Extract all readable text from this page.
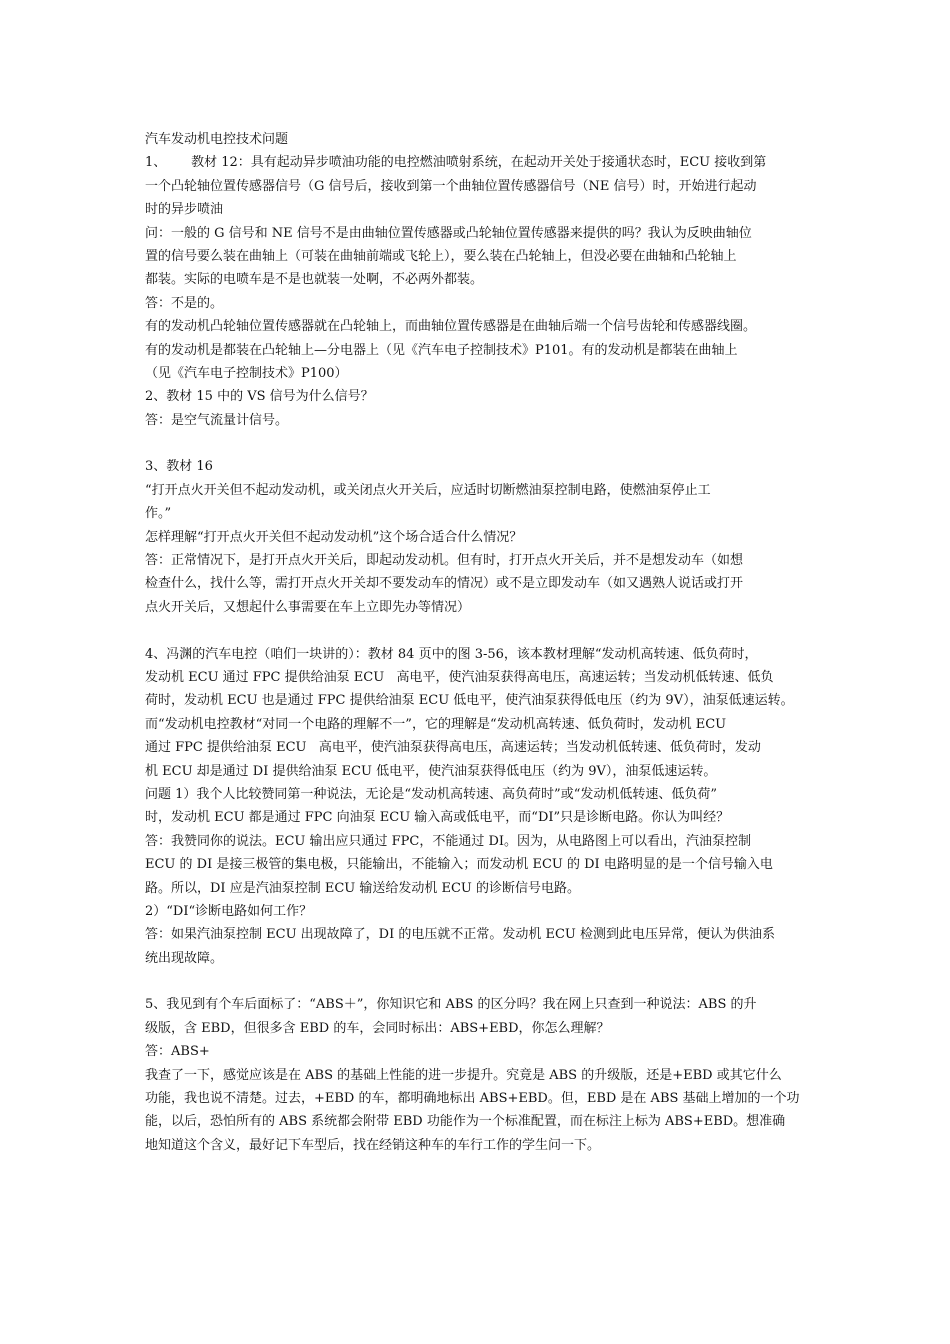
汽车发动机电控技术问题
1、      教材 12：具有起动异步喷油功能的电控燃油喷射系统，在起动开关处于接通状态时，ECU 接收到第
一个凸轮轴位置传感器信号（G 信号后，接收到第一个曲轴位置传感器信号（NE 信号）时，开始进行起动
时的异步喷油
问：一般的 G 信号和 NE 信号不是由曲轴位置传感器或凸轮轴位置传感器来提供的吗？我认为反映曲轴位
置的信号要么装在曲轴上（可装在曲轴前端或飞轮上），要么装在凸轮轴上，但没必要在曲轴和凸轮轴上
都装。实际的电喷车是不是也就装一处啊，不必两外都装。
答：不是的。
有的发动机凸轮轴位置传感器就在凸轮轴上，而曲轴位置传感器是在曲轴后端一个信号齿轮和传感器线圈。
有的发动机是都装在凸轮轴上—分电器上（见《汽车电子控制技术》P101。有的发动机是都装在曲轴上
（见《汽车电子控制技术》P100）
2、教材 15 中的 VS 信号为什么信号？
答：是空气流量计信号。
3、教材 16
“打开点火开关但不起动发动机，或关闭点火开关后，应适时切断燃油泵控制电路，使燃油泵停止工
作。”
怎样理解“打开点火开关但不起动发动机”这个场合适合什么情况？
答：正常情况下，是打开点火开关后，即起动发动机。但有时，打开点火开关后，并不是想发动车（如想
检查什么，找什么等，需打开点火开关却不要发动车的情况）或不是立即发动车（如又遇熟人说话或打开
点火开关后，又想起什么事需要在车上立即先办等情况）
4、冯渊的汽车电控（咱们一块讲的）：教材 84 页中的图 3-56，该本教材理解“发动机高转速、低负荷时，
发动机 ECU 通过 FPC 提供给油泵 ECU   高电平，使汽油泵获得高电压，高速运转；当发动机低转速、低负
荷时，发动机 ECU 也是通过 FPC 提供给油泵 ECU 低电平，使汽油泵获得低电压（约为 9V），油泵低速运转。
而“发动机电控教材“对同一个电路的理解不一”，它的理解是“发动机高转速、低负荷时，发动机 ECU
通过 FPC 提供给油泵 ECU   高电平，使汽油泵获得高电压，高速运转；当发动机低转速、低负荷时，发动
机 ECU 却是通过 DI 提供给油泵 ECU 低电平，使汽油泵获得低电压（约为 9V），油泵低速运转。
问题 1）我个人比较赞同第一种说法，无论是“发动机高转速、高负荷时”或“发动机低转速、低负荷”
时，发动机 ECU 都是通过 FPC 向油泵 ECU 输入高或低电平，而“DI”只是诊断电路。你认为叫经？
答：我赞同你的说法。ECU 输出应只通过 FPC，不能通过 DI。因为，从电路图上可以看出，汽油泵控制
ECU 的 DI 是接三极管的集电极，只能输出，不能输入；而发动机 ECU 的 DI 电路明显的是一个信号输入电
路。所以，DI 应是汽油泵控制 ECU 输送给发动机 ECU 的诊断信号电路。
2）“DI“诊断电路如何工作？
答：如果汽油泵控制 ECU 出现故障了，DI 的电压就不正常。发动机 ECU 检测到此电压异常，便认为供油系
统出现故障。
5、我见到有个车后面标了：“ABS＋”，你知识它和 ABS 的区分吗？我在网上只查到一种说法：ABS 的升
级版，含 EBD，但很多含 EBD 的车，会同时标出：ABS+EBD，你怎么理解？
答：ABS+
我查了一下，感觉应该是在 ABS 的基础上性能的进一步提升。究竟是 ABS 的升级版，还是+EBD 或其它什么
功能，我也说不清楚。过去，+EBD 的车，都明确地标出 ABS+EBD。但，EBD 是在 ABS 基础上增加的一个功
能，以后，恐怕所有的 ABS 系统都会附带 EBD 功能作为一个标准配置，而在标注上标为 ABS+EBD。想准确
地知道这个含义，最好记下车型后，找在经销这种车的车行工作的学生问一下。
